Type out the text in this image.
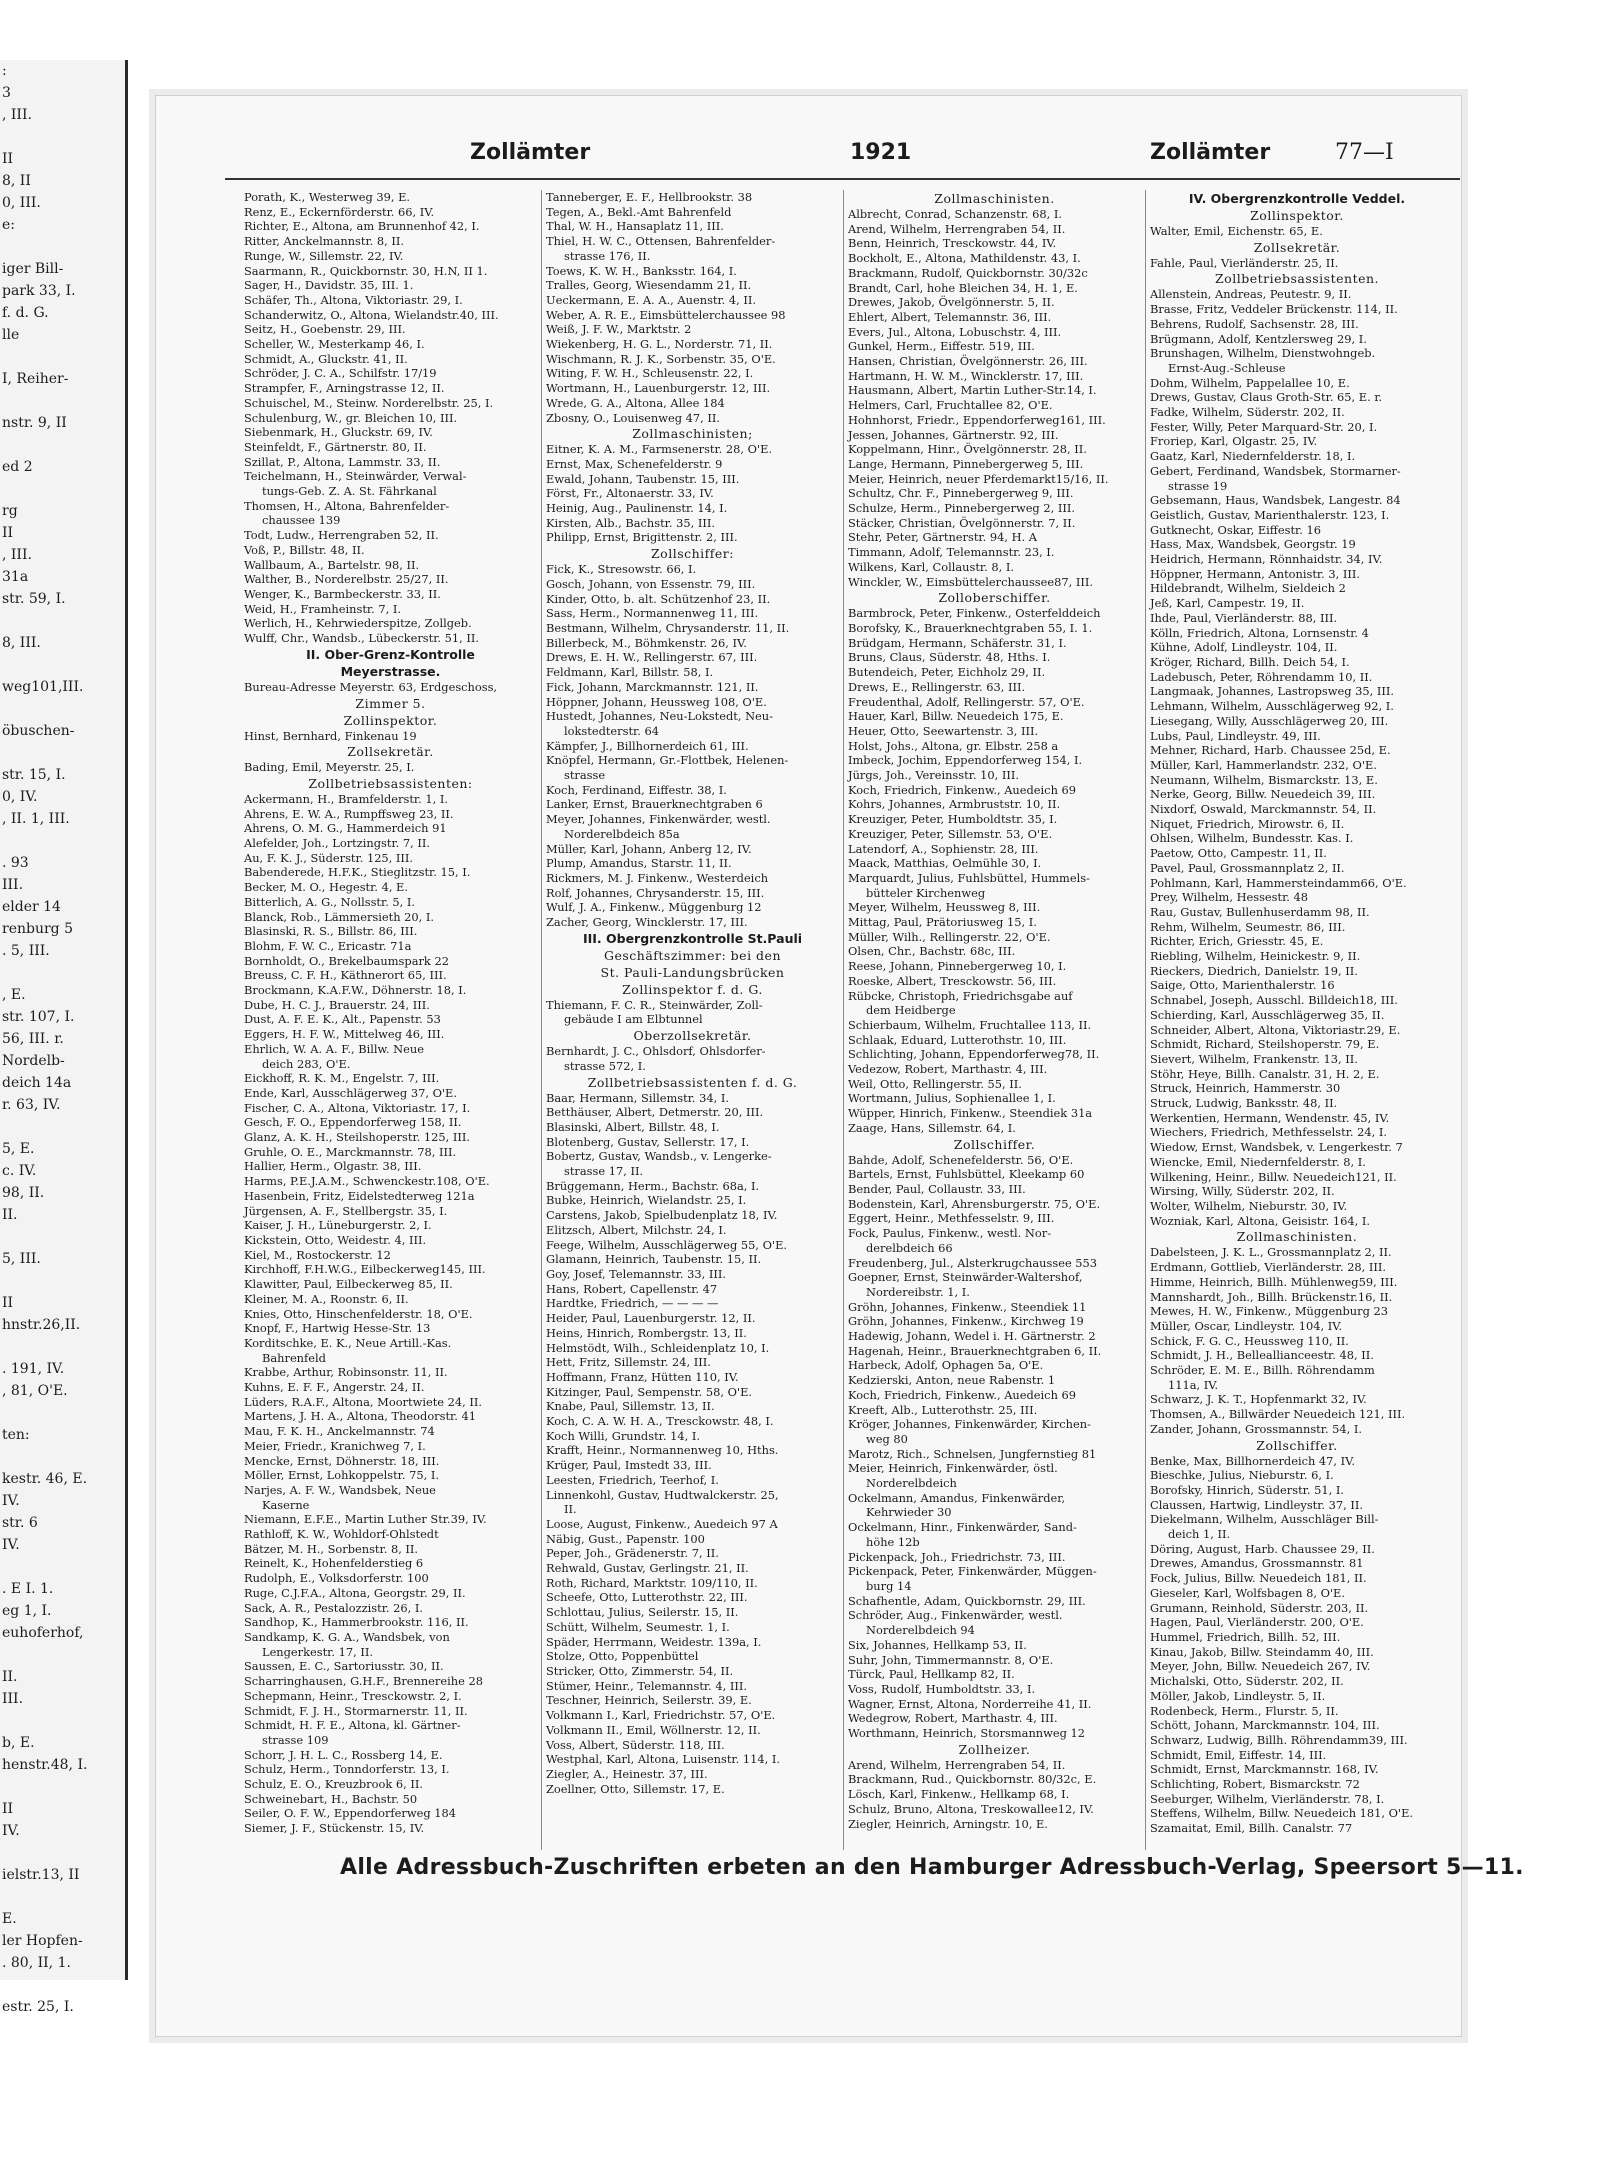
:
3
, III.

II
8, II
0, III.
e:

iger Bill-
park 33, I.
f. d. G.
lle

I, Reiher-

nstr. 9, II

ed 2

rg
II
, III.
31a
str. 59, I.

8, III.

weg101,III.

öbuschen-

str. 15, I.
0, IV.
, II. 1, III.

. 93
III.
elder 14
renburg 5
. 5, III.

, E.
str. 107, I.
56, III. r.
Nordelb-
deich 14a
r. 63, IV.

5, E.
c. IV.
98, II.
II.

5, III.

II
hnstr.26,II.

. 191, IV.
, 81, O'E.

ten:

kestr. 46, E.
IV.
str. 6
IV.

. E I. 1.
eg 1, I.
euhoferhof,

II.
III.

b, E.
henstr.48, I.

II
IV.

ielstr.13, II

E.
ler Hopfen-
. 80, II, 1.

estr. 25, I.
Zollämter	1921	Zollämter	77—I
Porath, K., Westerweg 39, E.
Renz, E., Eckernförderstr. 66, IV.
Richter, E., Altona, am Brunnenhof 42, I.
Ritter, Anckelmannstr. 8, II.
Runge, W., Sillemstr. 22, IV.
Saarmann, R., Quickbornstr. 30, H.N, II 1.
Sager, H., Davidstr. 35, III. 1.
Schäfer, Th., Altona, Viktoriastr. 29, I.
Schanderwitz, O., Altona, Wielandstr.40, III.
Seitz, H., Goebenstr. 29, III.
Scheller, W., Mesterkamp 46, I.
Schmidt, A., Gluckstr. 41, II.
Schröder, J. C. A., Schilfstr. 17/19
Strampfer, F., Arningstrasse 12, II.
Schuischel, M., Steinw. Norderelbstr. 25, I.
Schulenburg, W., gr. Bleichen 10, III.
Siebenmark, H., Gluckstr. 69, IV.
Steinfeldt, F., Gärtnerstr. 80, II.
Szillat, P., Altona, Lammstr. 33, II.
Teichelmann, H., Steinwärder, Verwal-
tungs-Geb. Z. A. St. Fährkanal
Thomsen, H., Altona, Bahrenfelder-
chaussee 139
Todt, Ludw., Herrengraben 52, II.
Voß, P., Billstr. 48, II.
Wallbaum, A., Bartelstr. 98, II.
Walther, B., Norderelbstr. 25/27, II.
Wenger, K., Barmbeckerstr. 33, II.
Weid, H., Framheinstr. 7, I.
Werlich, H., Kehrwiederspitze, Zollgeb.
Wulff, Chr., Wandsb., Lübeckerstr. 51, II.
II. Ober-Grenz-Kontrolle
Meyerstrasse.
Bureau-Adresse Meyerstr. 63, Erdgeschoss,
Zimmer 5.
Zollinspektor.
Hinst, Bernhard, Finkenau 19
Zollsekretär.
Bading, Emil, Meyerstr. 25, I.
Zollbetriebsassistenten:
Ackermann, H., Bramfelderstr. 1, I.
Ahrens, E. W. A., Rumpffsweg 23, II.
Ahrens, O. M. G., Hammerdeich 91
Alefelder, Joh., Lortzingstr. 7, II.
Au, F. K. J., Süderstr. 125, III.
Babenderede, H.F.K., Stieglitzstr. 15, I.
Becker, M. O., Hegestr. 4, E.
Bitterlich, A. G., Nollsstr. 5, I.
Blanck, Rob., Lämmersieth 20, I.
Blasinski, R. S., Billstr. 86, III.
Blohm, F. W. C., Ericastr. 71a
Bornholdt, O., Brekelbaumspark 22
Breuss, C. F. H., Käthnerort 65, III.
Brockmann, K.A.F.W., Döhnerstr. 18, I.
Dube, H. C. J., Brauerstr. 24, III.
Dust, A. F. E. K., Alt., Papenstr. 53
Eggers, H. F. W., Mittelweg 46, III.
Ehrlich, W. A. A. F., Billw. Neue
deich 283, O'E.
Eickhoff, R. K. M., Engelstr. 7, III.
Ende, Karl, Ausschlägerweg 37, O'E.
Fischer, C. A., Altona, Viktoriastr. 17, I.
Gesch, F. O., Eppendorferweg 158, II.
Glanz, A. K. H., Steilshoperstr. 125, III.
Gruhle, O. E., Marckmannstr. 78, III.
Hallier, Herm., Olgastr. 38, III.
Harms, P.E.J.A.M., Schwenckestr.108, O'E.
Hasenbein, Fritz, Eidelstedterweg 121a
Jürgensen, A. F., Stellbergstr. 35, I.
Kaiser, J. H., Lüneburgerstr. 2, I.
Kickstein, Otto, Weidestr. 4, III.
Kiel, M., Rostockerstr. 12
Kirchhoff, F.H.W.G., Eilbeckerweg145, III.
Klawitter, Paul, Eilbeckerweg 85, II.
Kleiner, M. A., Roonstr. 6, II.
Knies, Otto, Hinschenfelderstr. 18, O'E.
Knopf, F., Hartwig Hesse-Str. 13
Korditschke, E. K., Neue Artill.-Kas.
Bahrenfeld
Krabbe, Arthur, Robinsonstr. 11, II.
Kuhns, E. F. F., Angerstr. 24, II.
Lüders, R.A.F., Altona, Moortwiete 24, II.
Martens, J. H. A., Altona, Theodorstr. 41
Mau, F. K. H., Anckelmannstr. 74
Meier, Friedr., Kranichweg 7, I.
Mencke, Ernst, Döhnerstr. 18, III.
Möller, Ernst, Lohkoppelstr. 75, I.
Narjes, A. F. W., Wandsbek, Neue
Kaserne
Niemann, E.F.E., Martin Luther Str.39, IV.
Rathloff, K. W., Wohldorf-Ohlstedt
Bätzer, M. H., Sorbenstr. 8, II.
Reinelt, K., Hohenfelderstieg 6
Rudolph, E., Volksdorferstr. 100
Ruge, C.J.F.A., Altona, Georgstr. 29, II.
Sack, A. R., Pestalozzistr. 26, I.
Sandhop, K., Hammerbrookstr. 116, II.
Sandkamp, K. G. A., Wandsbek, von
Lengerkestr. 17, II.
Saussen, E. C., Sartoriusstr. 30, II.
Scharringhausen, G.H.F., Brennereihe 28
Schepmann, Heinr., Tresckowstr. 2, I.
Schmidt, F. J. H., Stormarnerstr. 11, II.
Schmidt, H. F. E., Altona, kl. Gärtner-
strasse 109
Schorr, J. H. L. C., Rossberg 14, E.
Schulz, Herm., Tonndorferstr. 13, I.
Schulz, E. O., Kreuzbrook 6, II.
Schweinebart, H., Bachstr. 50
Seiler, O. F. W., Eppendorferweg 184
Siemer, J. F., Stückenstr. 15, IV.
Tanneberger, E. F., Hellbrookstr. 38
Tegen, A., Bekl.-Amt Bahrenfeld
Thal, W. H., Hansaplatz 11, III.
Thiel, H. W. C., Ottensen, Bahrenfelder-
strasse 176, II.
Toews, K. W. H., Banksstr. 164, I.
Tralles, Georg, Wiesendamm 21, II.
Ueckermann, E. A. A., Auenstr. 4, II.
Weber, A. R. E., Eimsbüttelerchaussee 98
Weiß, J. F. W., Marktstr. 2
Wiekenberg, H. G. L., Norderstr. 71, II.
Wischmann, R. J. K., Sorbenstr. 35, O'E.
Witing, F. W. H., Schleusenstr. 22, I.
Wortmann, H., Lauenburgerstr. 12, III.
Wrede, G. A., Altona, Allee 184
Zbosny, O., Louisenweg 47, II.
Zollmaschinisten;
Eitner, K. A. M., Farmsenerstr. 28, O'E.
Ernst, Max, Schenefelderstr. 9
Ewald, Johann, Taubenstr. 15, III.
Först, Fr., Altonaerstr. 33, IV.
Heinig, Aug., Paulinenstr. 14, I.
Kirsten, Alb., Bachstr. 35, III.
Philipp, Ernst, Brigittenstr. 2, III.
Zollschiffer:
Fick, K., Stresowstr. 66, I.
Gosch, Johann, von Essenstr. 79, III.
Kinder, Otto, b. alt. Schützenhof 23, II.
Sass, Herm., Normannenweg 11, III.
Bestmann, Wilhelm, Chrysanderstr. 11, II.
Billerbeck, M., Böhmkenstr. 26, IV.
Drews, E. H. W., Rellingerstr. 67, III.
Feldmann, Karl, Billstr. 58, I.
Fick, Johann, Marckmannstr. 121, II.
Höppner, Johann, Heussweg 108, O'E.
Hustedt, Johannes, Neu-Lokstedt, Neu-
lokstedterstr. 64
Kämpfer, J., Billhornerdeich 61, III.
Knöpfel, Hermann, Gr.-Flottbek, Helenen-
strasse
Koch, Ferdinand, Eiffestr. 38, I.
Lanker, Ernst, Brauerknechtgraben 6
Meyer, Johannes, Finkenwärder, westl.
Norderelbdeich 85a
Müller, Karl, Johann, Anberg 12, IV.
Plump, Amandus, Starstr. 11, II.
Rickmers, M. J. Finkenw., Westerdeich
Rolf, Johannes, Chrysanderstr. 15, III.
Wulf, J. A., Finkenw., Müggenburg 12
Zacher, Georg, Wincklerstr. 17, III.
III. Obergrenzkontrolle St.Pauli
Geschäftszimmer: bei den
St. Pauli-Landungsbrücken
Zollinspektor f. d. G.
Thiemann, F. C. R., Steinwärder, Zoll-
gebäude I am Elbtunnel
Oberzollsekretär.
Bernhardt, J. C., Ohlsdorf, Ohlsdorfer-
strasse 572, I.
Zollbetriebsassistenten f. d. G.
Baar, Hermann, Sillemstr. 34, I.
Betthäuser, Albert, Detmerstr. 20, III.
Blasinski, Albert, Billstr. 48, I.
Blotenberg, Gustav, Sellerstr. 17, I.
Bobertz, Gustav, Wandsb., v. Lengerke-
strasse 17, II.
Brüggemann, Herm., Bachstr. 68a, I.
Bubke, Heinrich, Wielandstr. 25, I.
Carstens, Jakob, Spielbudenplatz 18, IV.
Elitzsch, Albert, Milchstr. 24, I.
Feege, Wilhelm, Ausschlägerweg 55, O'E.
Glamann, Heinrich, Taubenstr. 15, II.
Goy, Josef, Telemannstr. 33, III.
Hans, Robert, Capellenstr. 47
Hardtke, Friedrich, — — — —
Heider, Paul, Lauenburgerstr. 12, II.
Heins, Hinrich, Rombergstr. 13, II.
Helmstödt, Wilh., Schleidenplatz 10, I.
Hett, Fritz, Sillemstr. 24, III.
Hoffmann, Franz, Hütten 110, IV.
Kitzinger, Paul, Sempenstr. 58, O'E.
Knabe, Paul, Sillemstr. 13, II.
Koch, C. A. W. H. A., Tresckowstr. 48, I.
Koch Willi, Grundstr. 14, I.
Krafft, Heinr., Normannenweg 10, Hths.
Krüger, Paul, Imstedt 33, III.
Leesten, Friedrich, Teerhof, I.
Linnenkohl, Gustav, Hudtwalckerstr. 25,
II.
Loose, August, Finkenw., Auedeich 97 A
Näbig, Gust., Papenstr. 100
Peper, Joh., Grädenerstr. 7, II.
Rehwald, Gustav, Gerlingstr. 21, II.
Roth, Richard, Marktstr. 109/110, II.
Scheefe, Otto, Lutterothstr. 22, III.
Schlottau, Julius, Seilerstr. 15, II.
Schütt, Wilhelm, Seumestr. 1, I.
Späder, Herrmann, Weidestr. 139a, I.
Stolze, Otto, Poppenbüttel
Stricker, Otto, Zimmerstr. 54, II.
Stümer, Heinr., Telemannstr. 4, III.
Teschner, Heinrich, Seilerstr. 39, E.
Volkmann I., Karl, Friedrichstr. 57, O'E.
Volkmann II., Emil, Wöllnerstr. 12, II.
Voss, Albert, Süderstr. 118, III.
Westphal, Karl, Altona, Luisenstr. 114, I.
Ziegler, A., Heinestr. 37, III.
Zoellner, Otto, Sillemstr. 17, E.
Zollmaschinisten.
Albrecht, Conrad, Schanzenstr. 68, I.
Arend, Wilhelm, Herrengraben 54, II.
Benn, Heinrich, Tresckowstr. 44, IV.
Bockholt, E., Altona, Mathildenstr. 43, I.
Brackmann, Rudolf, Quickbornstr. 30/32c
Brandt, Carl, hohe Bleichen 34, H. 1, E.
Drewes, Jakob, Övelgönnerstr. 5, II.
Ehlert, Albert, Telemannstr. 36, III.
Evers, Jul., Altona, Lobuschstr. 4, III.
Gunkel, Herm., Eiffestr. 519, III.
Hansen, Christian, Övelgönnerstr. 26, III.
Hartmann, H. W. M., Wincklerstr. 17, III.
Hausmann, Albert, Martin Luther-Str.14, I.
Helmers, Carl, Fruchtallee 82, O'E.
Hohnhorst, Friedr., Eppendorferweg161, III.
Jessen, Johannes, Gärtnerstr. 92, III.
Koppelmann, Hinr., Övelgönnerstr. 28, II.
Lange, Hermann, Pinnebergerweg 5, III.
Meier, Heinrich, neuer Pferdemarkt15/16, II.
Schultz, Chr. F., Pinnebergerweg 9, III.
Schulze, Herm., Pinnebergerweg 2, III.
Stäcker, Christian, Övelgönnerstr. 7, II.
Stehr, Peter, Gärtnerstr. 94, H. A
Timmann, Adolf, Telemannstr. 23, I.
Wilkens, Karl, Collaustr. 8, I.
Winckler, W., Eimsbüttelerchaussee87, III.
Zolloberschiffer.
Barmbrock, Peter, Finkenw., Osterfelddeich
Borofsky, K., Brauerknechtgraben 55, I. 1.
Brüdgam, Hermann, Schäferstr. 31, I.
Bruns, Claus, Süderstr. 48, Hths. I.
Butendeich, Peter, Eichholz 29, II.
Drews, E., Rellingerstr. 63, III.
Freudenthal, Adolf, Rellingerstr. 57, O'E.
Hauer, Karl, Billw. Neuedeich 175, E.
Heuer, Otto, Seewartenstr. 3, III.
Holst, Johs., Altona, gr. Elbstr. 258 a
Imbeck, Jochim, Eppendorferweg 154, I.
Jürgs, Joh., Vereinsstr. 10, III.
Koch, Friedrich, Finkenw., Auedeich 69
Kohrs, Johannes, Armbruststr. 10, II.
Kreuziger, Peter, Humboldtstr. 35, I.
Kreuziger, Peter, Sillemstr. 53, O'E.
Latendorf, A., Sophienstr. 28, III.
Maack, Matthias, Oelmühle 30, I.
Marquardt, Julius, Fuhlsbüttel, Hummels-
bütteler Kirchenweg
Meyer, Wilhelm, Heussweg 8, III.
Mittag, Paul, Prätoriusweg 15, I.
Müller, Wilh., Rellingerstr. 22, O'E.
Olsen, Chr., Bachstr. 68c, III.
Reese, Johann, Pinnebergerweg 10, I.
Roeske, Albert, Tresckowstr. 56, III.
Rübcke, Christoph, Friedrichsgabe auf
dem Heidberge
Schierbaum, Wilhelm, Fruchtallee 113, II.
Schlaak, Eduard, Lutterothstr. 10, III.
Schlichting, Johann, Eppendorferweg78, II.
Vedezow, Robert, Marthastr. 4, III.
Weil, Otto, Rellingerstr. 55, II.
Wortmann, Julius, Sophienallee 1, I.
Wüpper, Hinrich, Finkenw., Steendiek 31a
Zaage, Hans, Sillemstr. 64, I.
Zollschiffer.
Bahde, Adolf, Schenefelderstr. 56, O'E.
Bartels, Ernst, Fuhlsbüttel, Kleekamp 60
Bender, Paul, Collaustr. 33, III.
Bodenstein, Karl, Ahrensburgerstr. 75, O'E.
Eggert, Heinr., Methfesselstr. 9, III.
Fock, Paulus, Finkenw., westl. Nor-
derelbdeich 66
Freudenberg, Jul., Alsterkrugchaussee 553
Goepner, Ernst, Steinwärder-Waltershof,
Nordereibstr. 1, I.
Gröhn, Johannes, Finkenw., Steendiek 11
Gröhn, Johannes, Finkenw., Kirchweg 19
Hadewig, Johann, Wedel i. H. Gärtnerstr. 2
Hagenah, Heinr., Brauerknechtgraben 6, II.
Harbeck, Adolf, Ophagen 5a, O'E.
Kedzierski, Anton, neue Rabenstr. 1
Koch, Friedrich, Finkenw., Auedeich 69
Kreeft, Alb., Lutterothstr. 25, III.
Kröger, Johannes, Finkenwärder, Kirchen-
weg 80
Marotz, Rich., Schnelsen, Jungfernstieg 81
Meier, Heinrich, Finkenwärder, östl.
Norderelbdeich
Ockelmann, Amandus, Finkenwärder,
Kehrwieder 30
Ockelmann, Hinr., Finkenwärder, Sand-
höhe 12b
Pickenpack, Joh., Friedrichstr. 73, III.
Pickenpack, Peter, Finkenwärder, Müggen-
burg 14
Schafhentle, Adam, Quickbornstr. 29, III.
Schröder, Aug., Finkenwärder, westl.
Norderelbdeich 94
Six, Johannes, Hellkamp 53, II.
Suhr, John, Timmermannstr. 8, O'E.
Türck, Paul, Hellkamp 82, II.
Voss, Rudolf, Humboldtstr. 33, I.
Wagner, Ernst, Altona, Norderreihe 41, II.
Wedegrow, Robert, Marthastr. 4, III.
Worthmann, Heinrich, Storsmannweg 12
Zollheizer.
Arend, Wilhelm, Herrengraben 54, II.
Brackmann, Rud., Quickbornstr. 80/32c, E.
Lösch, Karl, Finkenw., Hellkamp 68, I.
Schulz, Bruno, Altona, Treskowallee12, IV.
Ziegler, Heinrich, Arningstr. 10, E.
IV. Obergrenzkontrolle Veddel.
Zollinspektor.
Walter, Emil, Eichenstr. 65, E.
Zollsekretär.
Fahle, Paul, Vierländerstr. 25, II.
Zollbetriebsassistenten.
Allenstein, Andreas, Peutestr. 9, II.
Brasse, Fritz, Veddeler Brückenstr. 114, II.
Behrens, Rudolf, Sachsenstr. 28, III.
Brügmann, Adolf, Kentzlersweg 29, I.
Brunshagen, Wilhelm, Dienstwohngeb.
Ernst-Aug.-Schleuse
Dohm, Wilhelm, Pappelallee 10, E.
Drews, Gustav, Claus Groth-Str. 65, E. r.
Fadke, Wilhelm, Süderstr. 202, II.
Fester, Willy, Peter Marquard-Str. 20, I.
Froriep, Karl, Olgastr. 25, IV.
Gaatz, Karl, Niedernfelderstr. 18, I.
Gebert, Ferdinand, Wandsbek, Stormarner-
strasse 19
Gebsemann, Haus, Wandsbek, Langestr. 84
Geistlich, Gustav, Marienthalerstr. 123, I.
Gutknecht, Oskar, Eiffestr. 16
Hass, Max, Wandsbek, Georgstr. 19
Heidrich, Hermann, Rönnhaidstr. 34, IV.
Höppner, Hermann, Antonistr. 3, III.
Hildebrandt, Wilhelm, Sieldeich 2
Jeß, Karl, Campestr. 19, II.
Ihde, Paul, Vierländerstr. 88, III.
Kölln, Friedrich, Altona, Lornsenstr. 4
Kühne, Adolf, Lindleystr. 104, II.
Kröger, Richard, Billh. Deich 54, I.
Ladebusch, Peter, Röhrendamm 10, II.
Langmaak, Johannes, Lastropsweg 35, III.
Lehmann, Wilhelm, Ausschlägerweg 92, I.
Liesegang, Willy, Ausschlägerweg 20, III.
Lubs, Paul, Lindleystr. 49, III.
Mehner, Richard, Harb. Chaussee 25d, E.
Müller, Karl, Hammerlandstr. 232, O'E.
Neumann, Wilhelm, Bismarckstr. 13, E.
Nerke, Georg, Billw. Neuedeich 39, III.
Nixdorf, Oswald, Marckmannstr. 54, II.
Niquet, Friedrich, Mirowstr. 6, II.
Ohlsen, Wilhelm, Bundesstr. Kas. I.
Paetow, Otto, Campestr. 11, II.
Pavel, Paul, Grossmannplatz 2, II.
Pohlmann, Karl, Hammersteindamm66, O'E.
Prey, Wilhelm, Hessestr. 48
Rau, Gustav, Bullenhuserdamm 98, II.
Rehm, Wilhelm, Seumestr. 86, III.
Richter, Erich, Griesstr. 45, E.
Riebling, Wilhelm, Heinickestr. 9, II.
Rieckers, Diedrich, Danielstr. 19, II.
Saige, Otto, Marienthalerstr. 16
Schnabel, Joseph, Ausschl. Billdeich18, III.
Schierding, Karl, Ausschlägerweg 35, II.
Schneider, Albert, Altona, Viktoriastr.29, E.
Schmidt, Richard, Steilshoperstr. 79, E.
Sievert, Wilhelm, Frankenstr. 13, II.
Stöhr, Heye, Billh. Canalstr. 31, H. 2, E.
Struck, Heinrich, Hammerstr. 30
Struck, Ludwig, Banksstr. 48, II.
Werkentien, Hermann, Wendenstr. 45, IV.
Wiechers, Friedrich, Methfesselstr. 24, I.
Wiedow, Ernst, Wandsbek, v. Lengerkestr. 7
Wiencke, Emil, Niedernfelderstr. 8, I.
Wilkening, Heinr., Billw. Neuedeich121, II.
Wirsing, Willy, Süderstr. 202, II.
Wolter, Wilhelm, Nieburstr. 30, IV.
Wozniak, Karl, Altona, Geisistr. 164, I.
Zollmaschinisten.
Dabelsteen, J. K. L., Grossmannplatz 2, II.
Erdmann, Gottlieb, Vierländerstr. 28, III.
Himme, Heinrich, Billh. Mühlenweg59, III.
Mannshardt, Joh., Billh. Brückenstr.16, II.
Mewes, H. W., Finkenw., Müggenburg 23
Müller, Oscar, Lindleystr. 104, IV.
Schick, F. G. C., Heussweg 110, II.
Schmidt, J. H., Belleallianceestr. 48, II.
Schröder, E. M. E., Billh. Röhrendamm
111a, IV.
Schwarz, J. K. T., Hopfenmarkt 32, IV.
Thomsen, A., Billwärder Neuedeich 121, III.
Zander, Johann, Grossmannstr. 54, I.
Zollschiffer.
Benke, Max, Billhornerdeich 47, IV.
Bieschke, Julius, Nieburstr. 6, I.
Borofsky, Hinrich, Süderstr. 51, I.
Claussen, Hartwig, Lindleystr. 37, II.
Diekelmann, Wilhelm, Ausschläger Bill-
deich 1, II.
Döring, August, Harb. Chaussee 29, II.
Drewes, Amandus, Grossmannstr. 81
Fock, Julius, Billw. Neuedeich 181, II.
Gieseler, Karl, Wolfsbagen 8, O'E.
Grumann, Reinhold, Süderstr. 203, II.
Hagen, Paul, Vierländerstr. 200, O'E.
Hummel, Friedrich, Billh. 52, III.
Kinau, Jakob, Billw. Steindamm 40, III.
Meyer, John, Billw. Neuedeich 267, IV.
Michalski, Otto, Süderstr. 202, II.
Möller, Jakob, Lindleystr. 5, II.
Rodenbeck, Herm., Flurstr. 5, II.
Schött, Johann, Marckmannstr. 104, III.
Schwarz, Ludwig, Billh. Röhrendamm39, III.
Schmidt, Emil, Eiffestr. 14, III.
Schmidt, Ernst, Marckmannstr. 168, IV.
Schlichting, Robert, Bismarckstr. 72
Seeburger, Wilhelm, Vierländerstr. 78, I.
Steffens, Wilhelm, Billw. Neuedeich 181, O'E.
Szamaitat, Emil, Billh. Canalstr. 77
Alle Adressbuch-Zuschriften erbeten an den Hamburger Adressbuch-Verlag, Speersort 5—11.
